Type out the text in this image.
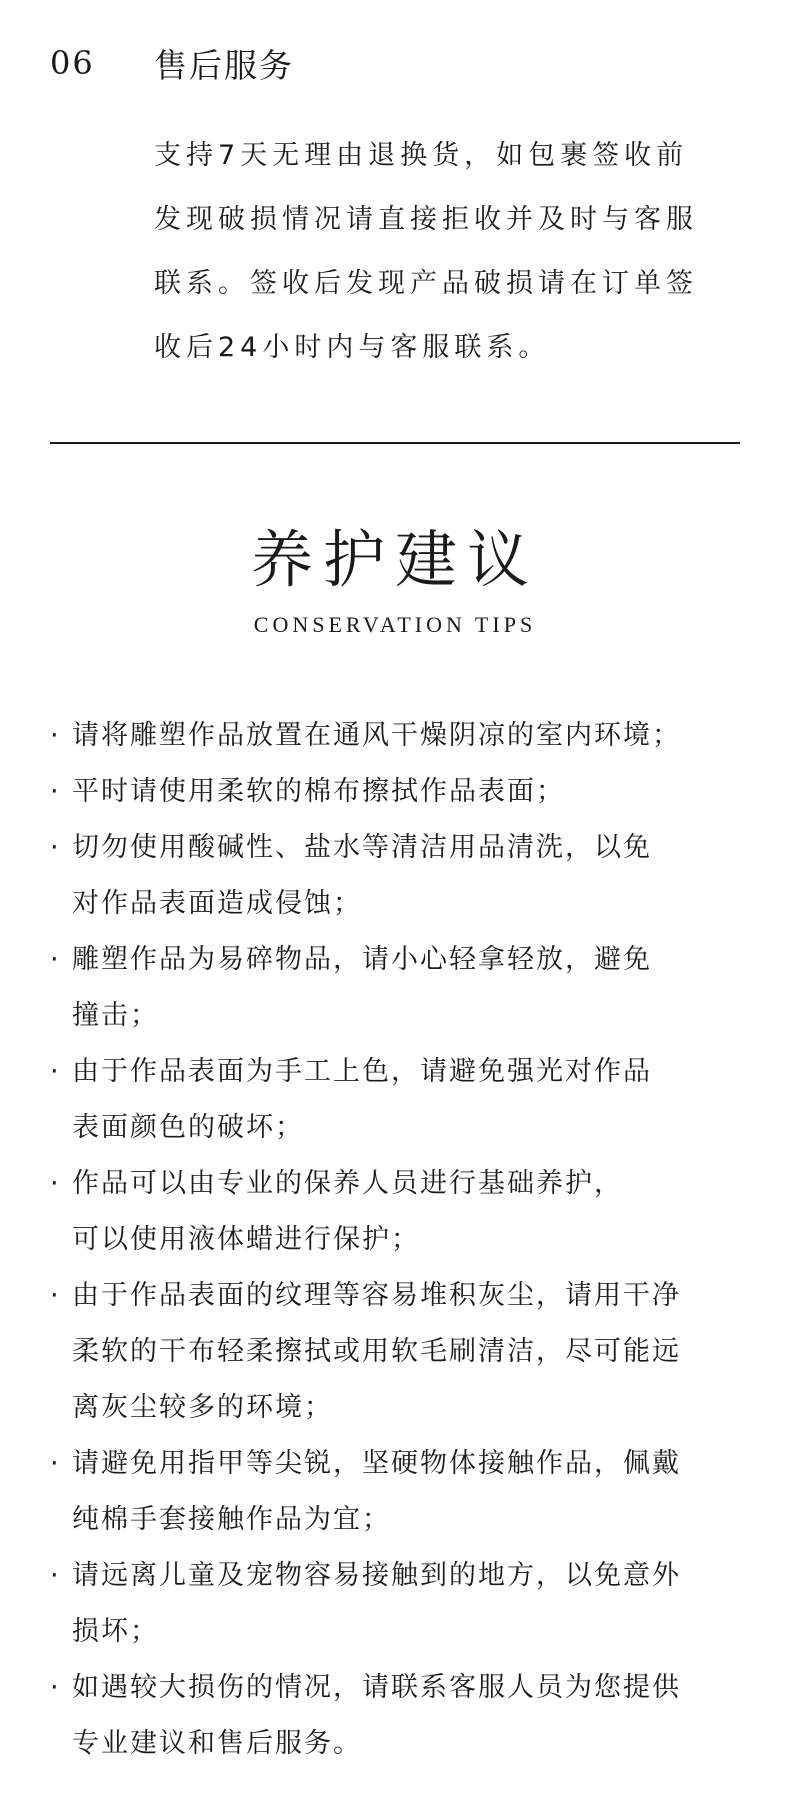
06 售后服务
支持7天无理由退换货，如包裹签收前
发现破损情况请直接拒收并及时与客服
联系。签收后发现产品破损请在订单签
收后24小时内与客服联系。
养护建议
CONSERVATION TIPS
· 请将雕塑作品放置在通风干燥阴凉的室内环境；
· 平时请使用柔软的棉布擦拭作品表面；
· 切勿使用酸碱性、盐水等清洁用品清洗，以免
对作品表面造成侵蚀；
· 雕塑作品为易碎物品，请小心轻拿轻放，避免
撞击；
· 由于作品表面为手工上色，请避免强光对作品
表面颜色的破坏；
· 作品可以由专业的保养人员进行基础养护，
可以使用液体蜡进行保护；
· 由于作品表面的纹理等容易堆积灰尘，请用干净
柔软的干布轻柔擦拭或用软毛刷清洁，尽可能远
离灰尘较多的环境；
· 请避免用指甲等尖锐，坚硬物体接触作品，佩戴
纯棉手套接触作品为宜；
· 请远离儿童及宠物容易接触到的地方，以免意外
损坏；
· 如遇较大损伤的情况，请联系客服人员为您提供
专业建议和售后服务。
